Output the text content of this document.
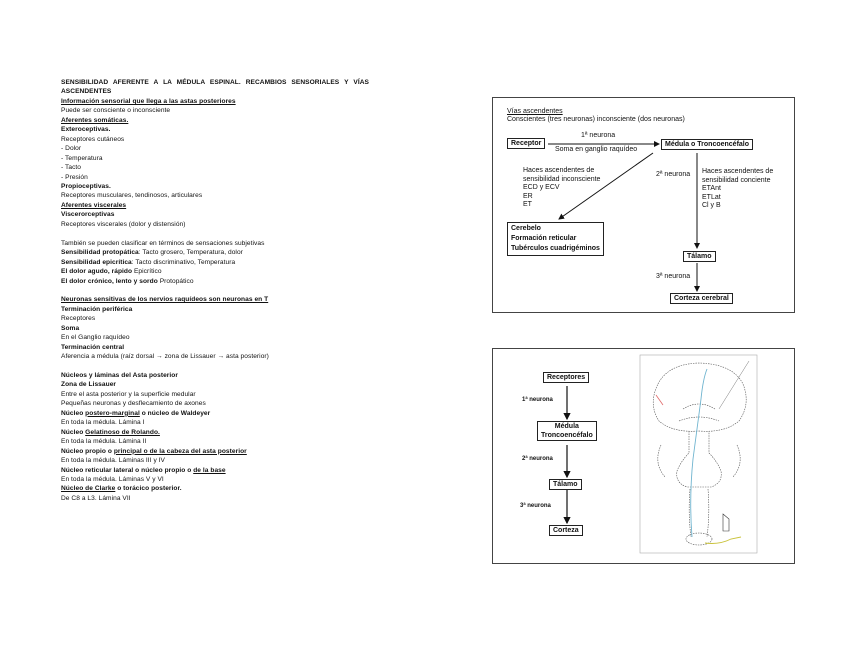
SENSIBILIDAD AFERENTE A LA MÉDULA ESPINAL. RECAMBIOS SENSORIALES Y VÍAS
ASCENDENTES
Información sensorial que llega a las astas posteriores
Puede ser consciente o inconsciente
Aferentes somáticas.
Exteroceptivas.
Receptores cutáneos
- Dolor
- Temperatura
- Tacto
- Presión
Propioceptivas.
Receptores musculares, tendinosos, articulares
Aferentes viscerales
Viscerorceptivas
Receptores viscerales (dolor y distensión)
También se pueden clasificar en términos de sensaciones subjetivas
Sensibilidad protopática: Tacto grosero, Temperatura, dolor
Sensibilidad epicrítica: Tacto discriminativo, Temperatura
El dolor agudo, rápido Epicrítico
El dolor crónico, lento y sordo Protopático
Neuronas sensitivas de los nervios raquídeos son neuronas en T
Terminación periférica
Receptores
Soma
En el Ganglio raquídeo
Terminación central
Aferencia a médula (raíz dorsal → zona de Lissauer → asta posterior)
Núcleos y láminas del Asta posterior
Zona de Lissauer
Entre el asta posterior y la superficie medular
Pequeñas neuronas y desflecamiento de axones
Núcleo postero-marginal o núcleo de Waldeyer
En toda la médula. Lámina I
Núcleo Gelatinoso de Rolando.
En toda la médula. Lámina II
Núcleo propio o principal o de la cabeza del asta posterior
En toda la médula. Láminas III y IV
Núcleo reticular lateral o núcleo propio o de la base
En toda la médula. Láminas V y VI
Núcleo de Clarke o torácico posterior.
De C8 a L3. Lámina VII
Vías ascendentes
Conscientes (tres neuronas) inconsciente (dos neuronas)
Receptor
1ª neurona
Soma en ganglio raquídeo
Médula o Troncoencéfalo
Haces ascendentes de
sensibilidad inconsciente
ECD y ECV
ER
ET
2ª neurona Haces ascendentes de
sensibilidad conciente
ETAnt
ETLat
Cl y B
Cerebelo
Formación reticular
Tubérculos cuadrigéminos
Tálamo
3ª neurona
Corteza cerebral
Receptores
1ª neurona
Médula
Troncoencéfalo
2ª neurona
Tálamo
3ª neurona
Corteza
